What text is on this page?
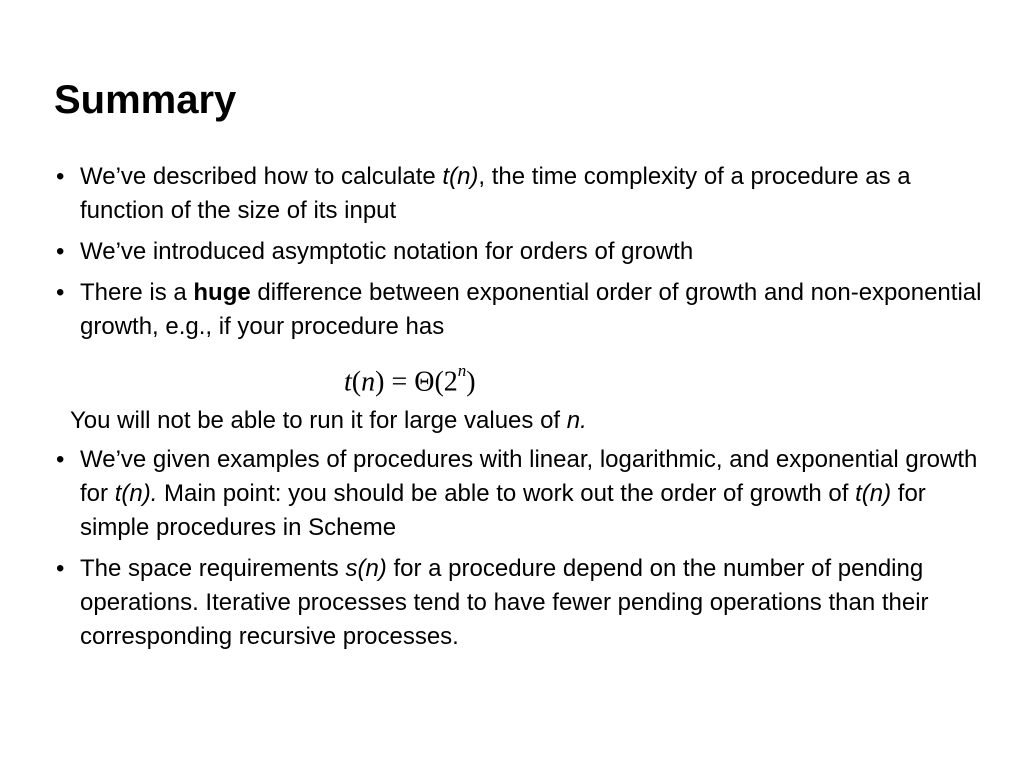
Summary
• We’ve described how to calculate t(n), the time complexity of a procedure as a function of the size of its input
• We’ve introduced asymptotic notation for orders of growth
• There is a huge difference between exponential order of growth and non-exponential growth, e.g., if your procedure has
$t(n) = \Theta(2^n)$
You will not be able to run it for large values of n.
• We’ve given examples of procedures with linear, logarithmic, and exponential growth for t(n). Main point: you should be able to work out the order of growth of t(n) for simple procedures in Scheme
• The space requirements s(n) for a procedure depend on the number of pending operations. Iterative processes tend to have fewer pending operations than their corresponding recursive processes.
